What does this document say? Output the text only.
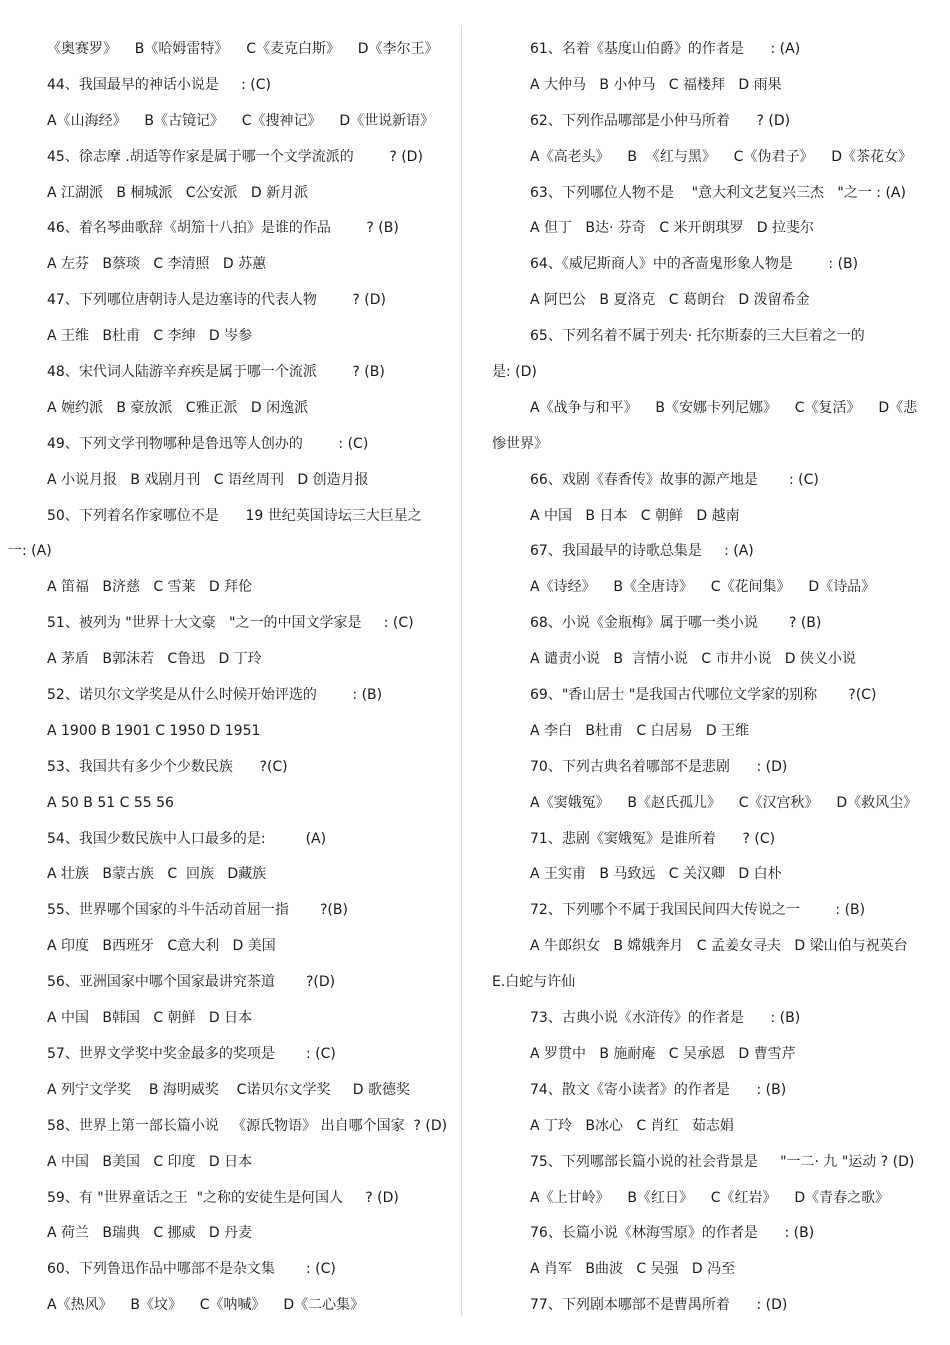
《奥赛罗》    B《哈姆雷特》    C《麦克白斯》    D《李尔王》
44、我国最早的神话小说是     : (C)
A《山海经》    B《古镜记》    C《搜神记》    D《世说新语》
45、徐志摩 .胡适等作家是属于哪一个文学流派的        ? (D)
A 江湖派   B 桐城派   C公安派   D 新月派
46、着名琴曲歌辞《胡笳十八拍》是谁的作品        ? (B)
A 左芬   B蔡琰   C 李清照   D 苏蕙
47、下列哪位唐朝诗人是边塞诗的代表人物        ? (D)
A 王维   B杜甫   C 李绅   D 岑参
48、宋代词人陆游辛弃疾是属于哪一个流派        ? (B)
A 婉约派   B 豪放派   C雅正派   D 闲逸派
49、下列文学刊物哪种是鲁迅等人创办的        : (C)
A 小说月报   B 戏剧月刊   C 语丝周刊   D 创造月报
50、下列着名作家哪位不是      19 世纪英国诗坛三大巨星之
一: (A)
A 笛福   B济慈   C 雪莱   D 拜伦
51、被列为 "世界十大文豪   "之一的中国文学家是     : (C)
A 茅盾   B郭沫若   C鲁迅   D 丁玲
52、诺贝尔文学奖是从什么时候开始评选的        : (B)
A 1900 B 1901 C 1950 D 1951
53、我国共有多少个少数民族      ?(C)
A 50 B 51 C 55 56
54、我国少数民族中人口最多的是:         (A)
A 壮族   B蒙古族   C  回族   D藏族
55、世界哪个国家的斗牛活动首屈一指       ?(B)
A 印度   B西班牙   C意大利   D 美国
56、亚洲国家中哪个国家最讲究茶道       ?(D)
A 中国   B韩国   C 朝鲜   D 日本
57、世界文学奖中奖金最多的奖项是       : (C)
A 列宁文学奖    B 海明威奖    C诺贝尔文学奖     D 歌德奖
58、世界上第一部长篇小说   《源氏物语》 出自哪个国家  ? (D)
A 中国   B美国   C 印度   D 日本
59、有 "世界童话之王  "之称的安徒生是何国人     ? (D)
A 荷兰   B瑞典   C 挪威   D 丹麦
60、下列鲁迅作品中哪部不是杂文集       : (C)
A《热风》    B《坟》    C《呐喊》    D《二心集》
61、名着《基度山伯爵》的作者是      : (A)
A 大仲马   B 小仲马   C 福楼拜   D 雨果
62、下列作品哪部是小仲马所着      ? (D)
A《高老头》    B  《红与黑》    C《伪君子》    D《茶花女》
63、下列哪位人物不是    "意大利文艺复兴三杰   "之一 : (A)
A 但丁   B达· 芬奇   C 米开朗琪罗   D 拉斐尔
64、《威尼斯商人》中的吝啬鬼形象人物是        : (B)
A 阿巴公   B 夏洛克   C 葛朗台   D 泼留希金
65、下列名着不属于列夫· 托尔斯泰的三大巨着之一的
是: (D)
A《战争与和平》    B《安娜卡列尼娜》    C《复活》    D《悲
惨世界》
66、戏剧《春香传》故事的源产地是       : (C)
A 中国   B 日本   C 朝鲜   D 越南
67、我国最早的诗歌总集是     : (A)
A《诗经》    B《全唐诗》    C《花间集》    D《诗品》
68、小说《金瓶梅》属于哪一类小说       ? (B)
A 谴责小说   B  言情小说   C 市井小说   D 侠义小说
69、"香山居士 "是我国古代哪位文学家的别称       ?(C)
A 李白   B杜甫   C 白居易   D 王维
70、下列古典名着哪部不是悲剧      : (D)
A《窦娥冤》    B《赵氏孤儿》    C《汉宫秋》    D《救风尘》
71、悲剧《窦娥冤》是谁所着      ? (C)
A 王实甫   B 马致远   C 关汉卿   D 白朴
72、下列哪个不属于我国民间四大传说之一        : (B)
A 牛郎织女   B 嫦娥奔月   C 孟姜女寻夫   D 梁山伯与祝英台
E.白蛇与许仙
73、古典小说《水浒传》的作者是      : (B)
A 罗贯中   B 施耐庵   C 吴承恩   D 曹雪芹
74、散文《寄小读者》的作者是      : (B)
A 丁玲   B冰心   C 肖红   茹志娟
75、下列哪部长篇小说的社会背景是     "一二· 九 "运动 ? (D)
A《上甘岭》    B《红日》    C《红岩》    D《青春之歌》
76、长篇小说《林海雪原》的作者是      : (B)
A 肖军   B曲波   C 吴强   D 冯至
77、下列剧本哪部不是曹禺所着      : (D)
